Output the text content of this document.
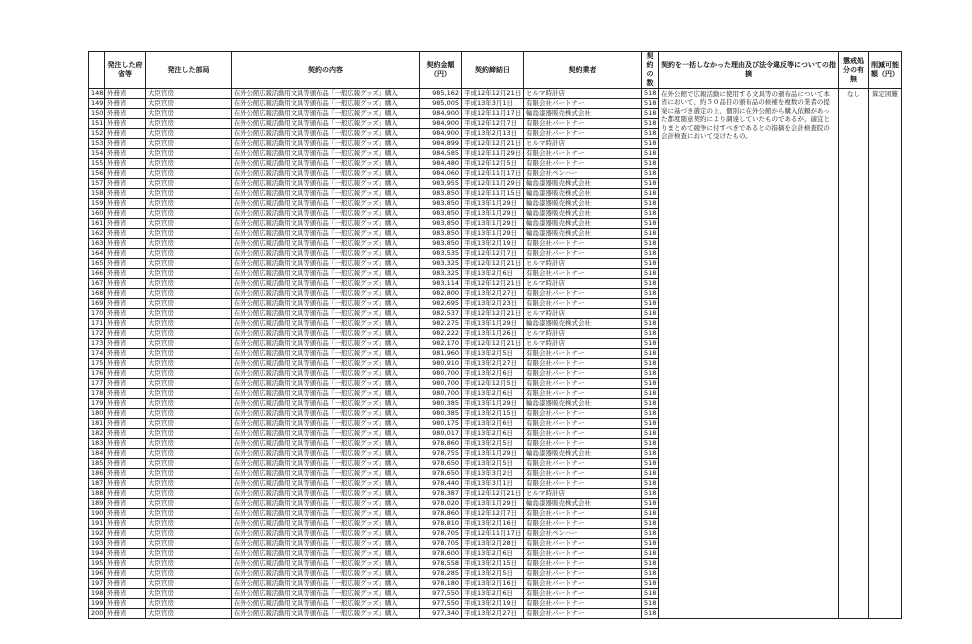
	発注した府省等	発注した部局	契約の内容	契約金額（円）	契約締結日	契約業者	契約の数	契約を一括しなかった理由及び法令違反等についての指摘	懲戒処分の有無	削減可能額（円）
148	外務省	大臣官房	在外公館広報活動用文具等頒布品「一般広報グッズ」購入	985,162	平成12年12月21日	ヒルマ時計店	518	在外公館で広報活動に使用する文具等の頒布品について本省において、約５０品目の頒布品の候補を複数の業者の提案に基づき選定の上、個別に在外公館から購入依頼があった都度随意契約により調達していたものであるが、適宜とりまとめて競争に付すべきであるとの指摘を会計検査院の会計検査において受けたもの。	なし	算定困難
149	外務省	大臣官房	在外公館広報活動用文具等頒布品「一般広報グッズ」購入	985,005	平成13年3月1日	有限会社パートナー	518			
150	外務省	大臣官房	在外公館広報活動用文具等頒布品「一般広報グッズ」購入	984,900	平成12年11月17日	輪島漆器販売株式会社	518			
151	外務省	大臣官房	在外公館広報活動用文具等頒布品「一般広報グッズ」購入	984,900	平成12年12月7日	有限会社パートナー	518			
152	外務省	大臣官房	在外公館広報活動用文具等頒布品「一般広報グッズ」購入	984,900	平成13年2月13日	有限会社パートナー	518			
153	外務省	大臣官房	在外公館広報活動用文具等頒布品「一般広報グッズ」購入	984,899	平成12年12月21日	ヒルマ時計店	518			
154	外務省	大臣官房	在外公館広報活動用文具等頒布品「一般広報グッズ」購入	984,585	平成12年11月29日	有限会社パートナー	518			
155	外務省	大臣官房	在外公館広報活動用文具等頒布品「一般広報グッズ」購入	984,480	平成12年12月5日	有限会社パートナー	518			
156	外務省	大臣官房	在外公館広報活動用文具等頒布品「一般広報グッズ」購入	984,060	平成12年11月17日	有限会社ペンハー	518			
157	外務省	大臣官房	在外公館広報活動用文具等頒布品「一般広報グッズ」購入	983,955	平成12年11月29日	輪島漆器販売株式会社	518			
158	外務省	大臣官房	在外公館広報活動用文具等頒布品「一般広報グッズ」購入	983,850	平成12年11月15日	輪島漆器販売株式会社	518			
159	外務省	大臣官房	在外公館広報活動用文具等頒布品「一般広報グッズ」購入	983,850	平成13年1月29日	輪島漆器販売株式会社	518			
160	外務省	大臣官房	在外公館広報活動用文具等頒布品「一般広報グッズ」購入	983,850	平成13年1月29日	輪島漆器販売株式会社	518			
161	外務省	大臣官房	在外公館広報活動用文具等頒布品「一般広報グッズ」購入	983,850	平成13年1月29日	輪島漆器販売株式会社	518			
162	外務省	大臣官房	在外公館広報活動用文具等頒布品「一般広報グッズ」購入	983,850	平成13年1月29日	輪島漆器販売株式会社	518			
163	外務省	大臣官房	在外公館広報活動用文具等頒布品「一般広報グッズ」購入	983,850	平成13年2月19日	有限会社パートナー	518			
164	外務省	大臣官房	在外公館広報活動用文具等頒布品「一般広報グッズ」購入	983,535	平成12年12月7日	有限会社パートナー	518			
165	外務省	大臣官房	在外公館広報活動用文具等頒布品「一般広報グッズ」購入	983,325	平成12年12月21日	ヒルマ時計店	518			
166	外務省	大臣官房	在外公館広報活動用文具等頒布品「一般広報グッズ」購入	983,325	平成13年2月6日	有限会社パートナー	518			
167	外務省	大臣官房	在外公館広報活動用文具等頒布品「一般広報グッズ」購入	983,114	平成12年12月21日	ヒルマ時計店	518			
168	外務省	大臣官房	在外公館広報活動用文具等頒布品「一般広報グッズ」購入	982,800	平成13年2月27日	有限会社パートナー	518			
169	外務省	大臣官房	在外公館広報活動用文具等頒布品「一般広報グッズ」購入	982,695	平成13年2月23日	有限会社パートナー	518			
170	外務省	大臣官房	在外公館広報活動用文具等頒布品「一般広報グッズ」購入	982,537	平成12年12月21日	ヒルマ時計店	518			
171	外務省	大臣官房	在外公館広報活動用文具等頒布品「一般広報グッズ」購入	982,275	平成13年1月29日	輪島漆器販売株式会社	518			
172	外務省	大臣官房	在外公館広報活動用文具等頒布品「一般広報グッズ」購入	982,222	平成13年1月26日	ヒルマ時計店	518			
173	外務省	大臣官房	在外公館広報活動用文具等頒布品「一般広報グッズ」購入	982,170	平成12年12月21日	ヒルマ時計店	518			
174	外務省	大臣官房	在外公館広報活動用文具等頒布品「一般広報グッズ」購入	981,960	平成13年2月5日	有限会社パートナー	518			
175	外務省	大臣官房	在外公館広報活動用文具等頒布品「一般広報グッズ」購入	980,910	平成13年2月27日	有限会社パートナー	518			
176	外務省	大臣官房	在外公館広報活動用文具等頒布品「一般広報グッズ」購入	980,700	平成13年2月6日	有限会社パートナー	518			
177	外務省	大臣官房	在外公館広報活動用文具等頒布品「一般広報グッズ」購入	980,700	平成12年12月5日	有限会社パートナー	518			
178	外務省	大臣官房	在外公館広報活動用文具等頒布品「一般広報グッズ」購入	980,700	平成13年2月6日	有限会社パートナー	518			
179	外務省	大臣官房	在外公館広報活動用文具等頒布品「一般広報グッズ」購入	980,385	平成13年1月29日	輪島漆器販売株式会社	518			
180	外務省	大臣官房	在外公館広報活動用文具等頒布品「一般広報グッズ」購入	980,385	平成13年2月15日	有限会社パートナー	518			
181	外務省	大臣官房	在外公館広報活動用文具等頒布品「一般広報グッズ」購入	980,175	平成13年2月6日	有限会社パートナー	518			
182	外務省	大臣官房	在外公館広報活動用文具等頒布品「一般広報グッズ」購入	980,017	平成13年2月6日	有限会社パートナー	518			
183	外務省	大臣官房	在外公館広報活動用文具等頒布品「一般広報グッズ」購入	978,860	平成13年2月5日	有限会社パートナー	518			
184	外務省	大臣官房	在外公館広報活動用文具等頒布品「一般広報グッズ」購入	978,755	平成13年1月29日	輪島漆器販売株式会社	518			
185	外務省	大臣官房	在外公館広報活動用文具等頒布品「一般広報グッズ」購入	978,650	平成13年2月5日	有限会社パートナー	518			
186	外務省	大臣官房	在外公館広報活動用文具等頒布品「一般広報グッズ」購入	978,650	平成13年3月2日	有限会社パートナー	518			
187	外務省	大臣官房	在外公館広報活動用文具等頒布品「一般広報グッズ」購入	978,440	平成13年3月1日	有限会社パートナー	518			
188	外務省	大臣官房	在外公館広報活動用文具等頒布品「一般広報グッズ」購入	978,387	平成12年12月21日	ヒルマ時計店	518			
189	外務省	大臣官房	在外公館広報活動用文具等頒布品「一般広報グッズ」購入	978,020	平成13年1月29日	輪島漆器販売株式会社	518			
190	外務省	大臣官房	在外公館広報活動用文具等頒布品「一般広報グッズ」購入	978,860	平成12年12月7日	有限会社パートナー	518			
191	外務省	大臣官房	在外公館広報活動用文具等頒布品「一般広報グッズ」購入	978,810	平成13年2月16日	有限会社パートナー	518			
192	外務省	大臣官房	在外公館広報活動用文具等頒布品「一般広報グッズ」購入	978,705	平成12年11月17日	有限会社ペンハー	518			
193	外務省	大臣官房	在外公館広報活動用文具等頒布品「一般広報グッズ」購入	978,705	平成13年2月28日	有限会社パートナー	518			
194	外務省	大臣官房	在外公館広報活動用文具等頒布品「一般広報グッズ」購入	978,600	平成13年2月6日	有限会社パートナー	518			
195	外務省	大臣官房	在外公館広報活動用文具等頒布品「一般広報グッズ」購入	978,558	平成13年2月15日	有限会社パートナー	518			
196	外務省	大臣官房	在外公館広報活動用文具等頒布品「一般広報グッズ」購入	978,285	平成13年2月5日	有限会社パートナー	518			
197	外務省	大臣官房	在外公館広報活動用文具等頒布品「一般広報グッズ」購入	978,180	平成13年2月16日	有限会社パートナー	518			
198	外務省	大臣官房	在外公館広報活動用文具等頒布品「一般広報グッズ」購入	977,550	平成13年2月6日	有限会社パートナー	518			
199	外務省	大臣官房	在外公館広報活動用文具等頒布品「一般広報グッズ」購入	977,550	平成13年2月19日	有限会社パートナー	518			
200	外務省	大臣官房	在外公館広報活動用文具等頒布品「一般広報グッズ」購入	977,340	平成13年2月27日	有限会社パートナー	518			
